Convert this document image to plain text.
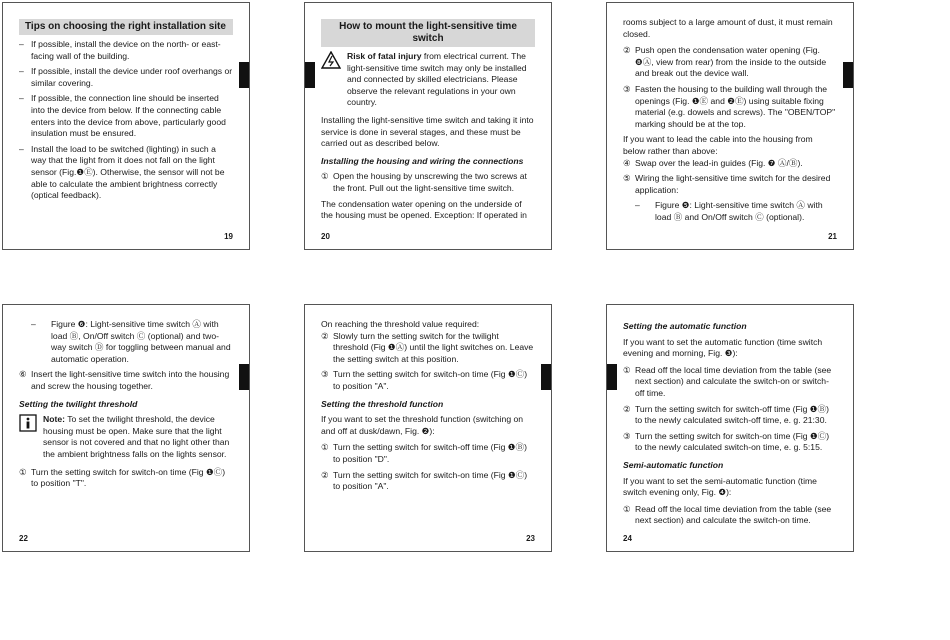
Tips on choosing the right installation site
– If possible, install the device on the north- or east-facing wall of the building.
– If possible, install the device under roof overhangs or similar covering.
– If possible, the connection line should be inserted into the device from below. If the connecting cable enters into the device from above, particularly good insulation must be ensured.
– Install the load to be switched (lighting) in such a way that the light from it does not fall on the light sensor (Fig.❶Ⓔ). Otherwise, the sensor will not be able to calculate the ambient brightness correctly (optical feedback).
19
How to mount the light-sensitive time switch
Risk of fatal injury from electrical current. The light-sensitive time switch may only be installed and connected by skilled electricians. Please observe the relevant regulations in your own country.

Installing the light-sensitive time switch and taking it into service is done in several stages, and these must be carried out as described below.

Installing the housing and wiring the connections
① Open the housing by unscrewing the two screws at the front. Pull out the light-sensitive time switch.

The condensation water opening on the underside of the housing must be opened. Exception: If operated in

20

rooms subject to a large amount of dust, it must remain closed.

② Push open the condensation water opening (Fig. ❽Ⓐ, view from rear) from the inside to the outside and break out the device wall.
③ Fasten the housing to the building wall through the openings (Fig. ❶Ⓔ and ❷Ⓔ) using suitable fixing material (e.g. dowels and screws). The "OBEN/TOP" marking should be at the top.

If you want to lead the cable into the housing from below rather than above:

④ Swap over the lead-in guides (Fig. ❼ Ⓐ/Ⓑ).
⑤ Wiring the light-sensitive time switch for the desired application:
– Figure ❺: Light-sensitive time switch Ⓐ with load Ⓑ and On/Off switch Ⓒ (optional).
21
– Figure ❻: Light-sensitive time switch Ⓐ with load Ⓑ, On/Off switch Ⓒ (optional) and two-way switch Ⓓ for toggling between manual and automatic operation.
⑥ Insert the light-sensitive time switch into the housing and screw the housing together.
Setting the twilight threshold
Note: To set the twilight threshold, the device housing must be open. Make sure that the light sensor is not covered and that no light other than the ambient brightness falls on the lights sensor.
① Turn the setting switch for switch-on time (Fig ❶Ⓒ) to position "T".
22

On reaching the threshold value required:

② Slowly turn the setting switch for the twilight threshold (Fig ❶Ⓐ) until the light switches on. Leave the setting switch at this position.
③ Turn the setting switch for switch-on time (Fig ❶Ⓒ) to position "A".
Setting the threshold function

If you want to set the threshold function (switching on and off at dusk/dawn, Fig. ❷):

① Turn the setting switch for switch-off time (Fig ❶Ⓑ) to position "D".
② Turn the setting switch for switch-on time (Fig ❶Ⓒ) to position "A".
23
Setting the automatic function

If you want to set the automatic function (time switch evening and morning, Fig. ❸):

① Read off the local time deviation from the table (see next section) and calculate the switch-on or switch-off time.
② Turn the setting switch for switch-off time (Fig ❶Ⓑ) to the newly calculated switch-off time, e. g. 21:30.
③ Turn the setting switch for switch-on time (Fig ❶Ⓒ) to the newly calculated switch-on time, e. g. 5:15.
Semi-automatic function

If you want to set the semi-automatic function (time switch evening only, Fig. ❹):

① Read off the local time deviation from the table (see next section) and calculate the switch-on time.
24
